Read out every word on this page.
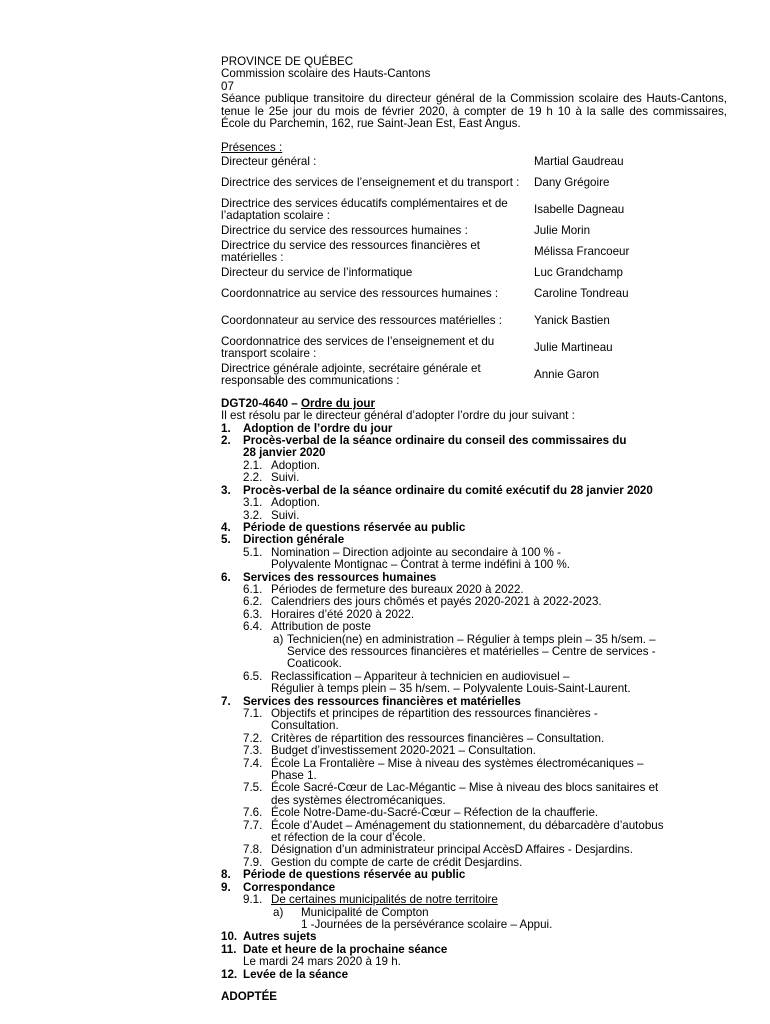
PROVINCE DE QUÉBEC
Commission scolaire des Hauts-Cantons
07
Séance publique transitoire du directeur général de la Commission scolaire des Hauts-Cantons, tenue le 25e jour du mois de février 2020, à compter de 19 h 10 à la salle des commissaires, École du Parchemin, 162, rue Saint-Jean Est, East Angus.
Présences :
Directeur général :	Martial Gaudreau
Directrice des services de l’enseignement et du transport :	Dany Grégoire
Directrice des services éducatifs complémentaires et de l’adaptation scolaire :	Isabelle Dagneau
Directrice du service des ressources humaines :	Julie Morin
Directrice du service des ressources financières et matérielles :	Mélissa Francoeur
Directeur du service de l’informatique	Luc Grandchamp
Coordonnatrice au service des ressources humaines :	Caroline Tondreau
Coordonnateur au service des ressources matérielles :	Yanick Bastien
Coordonnatrice des services de l’enseignement et du transport scolaire :	Julie Martineau
Directrice générale adjointe, secrétaire générale et responsable des communications :	Annie Garon
DGT20-4640 – Ordre du jour
Il est résolu par le directeur général d’adopter l’ordre du jour suivant :
1.	Adoption de l’ordre du jour
2.	Procès-verbal de la séance ordinaire du conseil des commissaires du
28 janvier 2020
2.1. Adoption.
2.2. Suivi.
3.	Procès-verbal de la séance ordinaire du comité exécutif du 28 janvier 2020
3.1. Adoption.
3.2. Suivi.
4.	Période de questions réservée au public
5.	Direction générale
5.1. Nomination – Direction adjointe au secondaire à 100 % -
Polyvalente Montignac – Contrat à terme indéfini à 100 %.
6.	Services des ressources humaines
6.1. Périodes de fermeture des bureaux 2020 à 2022.
6.2. Calendriers des jours chômés et payés 2020-2021 à 2022-2023.
6.3. Horaires d’été 2020 à 2022.
6.4. Attribution de poste
a) Technicien(ne) en administration – Régulier à temps plein – 35 h/sem. –
Service des ressources financières et matérielles – Centre de services -
Coaticook.
6.5. Reclassification – Appariteur à technicien en audiovisuel –
Régulier à temps plein – 35 h/sem. – Polyvalente Louis-Saint-Laurent.
7.	Services des ressources financières et matérielles
7.1. Objectifs et principes de répartition des ressources financières -
Consultation.
7.2. Critères de répartition des ressources financières – Consultation.
7.3. Budget d’investissement 2020-2021 – Consultation.
7.4. École La Frontalière – Mise à niveau des systèmes électromécaniques –
Phase 1.
7.5. École Sacré-Cœur de Lac-Mégantic – Mise à niveau des blocs sanitaires et
des systèmes électromécaniques.
7.6. École Notre-Dame-du-Sacré-Cœur – Réfection de la chaufferie.
7.7. École d’Audet – Aménagement du stationnement, du débarcadère d’autobus
et réfection de la cour d’école.
7.8. Désignation d’un administrateur principal AccèsD Affaires - Desjardins.
7.9. Gestion du compte de carte de crédit Desjardins.
8.	Période de questions réservée au public
9.	Correspondance
9.1. De certaines municipalités de notre territoire
a)	Municipalité de Compton
1 -Journées de la persévérance scolaire – Appui.
10. Autres sujets
11. Date et heure de la prochaine séance
Le mardi 24 mars 2020 à 19 h.
12. Levée de la séance
ADOPTÉE
